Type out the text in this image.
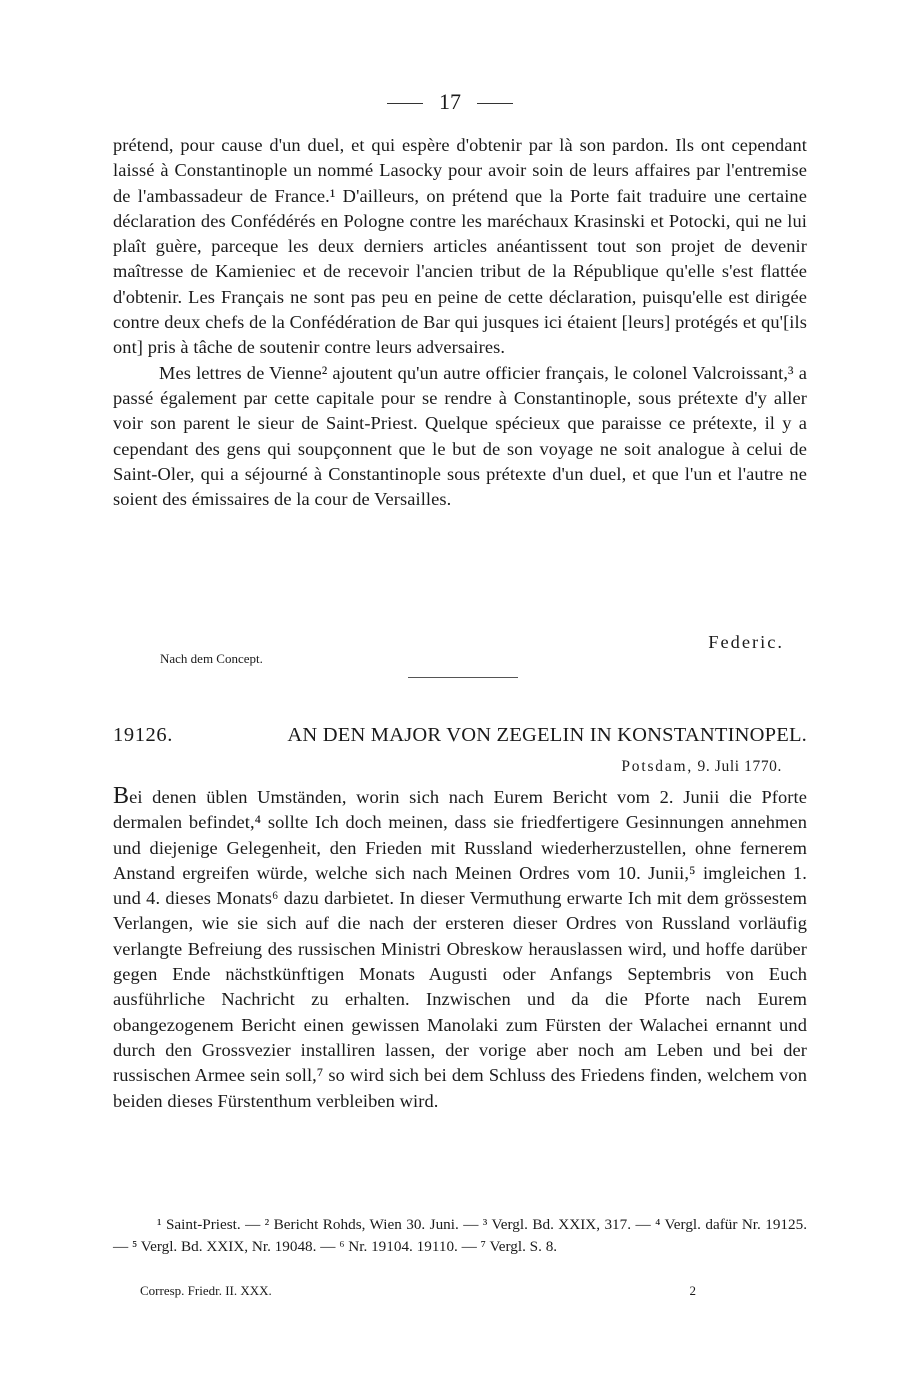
17

prétend, pour cause d'un duel, et qui espère d'obtenir par là son pardon. Ils ont cependant laissé à Constantinople un nommé Lasocky pour avoir soin de leurs affaires par l'entremise de l'ambassadeur de France.¹ D'ailleurs, on prétend que la Porte fait traduire une certaine déclaration des Confédérés en Pologne contre les maréchaux Krasinski et Potocki, qui ne lui plaît guère, parceque les deux derniers articles anéantissent tout son projet de devenir maîtresse de Kamieniec et de recevoir l'ancien tribut de la République qu'elle s'est flattée d'obtenir. Les Français ne sont pas peu en peine de cette déclaration, puisqu'elle est dirigée contre deux chefs de la Confédération de Bar qui jusques ici étaient [leurs] protégés et qu'[ils ont] pris à tâche de soutenir contre leurs adversaires.

Mes lettres de Vienne² ajoutent qu'un autre officier français, le colonel Valcroissant,³ a passé également par cette capitale pour se rendre à Constantinople, sous prétexte d'y aller voir son parent le sieur de Saint-Priest. Quelque spécieux que paraisse ce prétexte, il y a cependant des gens qui soupçonnent que le but de son voyage ne soit analogue à celui de Saint-Oler, qui a séjourné à Constantinople sous prétexte d'un duel, et que l'un et l'autre ne soient des émissaires de la cour de Versailles.

Federic.
Nach dem Concept.
19126.	AN DEN MAJOR VON ZEGELIN IN KONSTANTINOPEL.
Potsdam, 9. Juli 1770.

Bei denen üblen Umständen, worin sich nach Eurem Bericht vom 2. Junii die Pforte dermalen befindet,⁴ sollte Ich doch meinen, dass sie friedfertigere Gesinnungen annehmen und diejenige Gelegenheit, den Frieden mit Russland wiederherzustellen, ohne fernerem Anstand ergreifen würde, welche sich nach Meinen Ordres vom 10. Junii,⁵ imgleichen 1. und 4. dieses Monats⁶ dazu darbietet. In dieser Vermuthung erwarte Ich mit dem grössestem Verlangen, wie sie sich auf die nach der ersteren dieser Ordres von Russland vorläufig verlangte Befreiung des russischen Ministri Obreskow herauslassen wird, und hoffe darüber gegen Ende nächstkünftigen Monats Augusti oder Anfangs Septembris von Euch ausführliche Nachricht zu erhalten. Inzwischen und da die Pforte nach Eurem obangezogenem Bericht einen gewissen Manolaki zum Fürsten der Walachei ernannt und durch den Grossvezier installiren lassen, der vorige aber noch am Leben und bei der russischen Armee sein soll,⁷ so wird sich bei dem Schluss des Friedens finden, welchem von beiden dieses Fürstenthum verbleiben wird.

¹ Saint-Priest. — ² Bericht Rohds, Wien 30. Juni. — ³ Vergl. Bd. XXIX, 317. — ⁴ Vergl. dafür Nr. 19125. — ⁵ Vergl. Bd. XXIX, Nr. 19048. — ⁶ Nr. 19104. 19110. — ⁷ Vergl. S. 8.

Corresp. Friedr. II. XXX.	2
